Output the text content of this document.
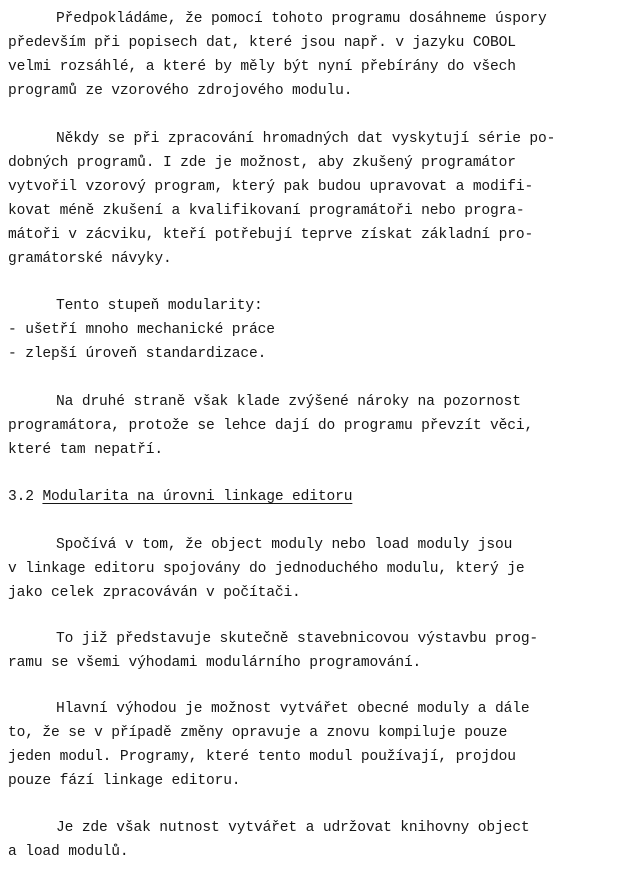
Předpokládáme, že pomocí tohoto programu dosáhneme úspory
především při popisech dat, které jsou např. v jazyku COBOL
velmi rozsáhlé, a které by měly být nyní přebírány do všech
programů ze vzorového zdrojového modulu.
Někdy se při zpracování hromadných dat vyskytují série po-
dobných programů. I zde je možnost, aby zkušený programátor
vytvořil vzorový program, který pak budou upravovat a modifi-
kovat méně zkušení a kvalifikovaní programátoři nebo progra-
mátoři v zácviku, kteří potřebují teprve získat základní pro-
gramátorské návyky.
Tento stupeň modularity:
- ušetří mnoho mechanické práce
- zlepší úroveň standardizace.
Na druhé straně však klade zvýšené nároky na pozornost
programátora, protože se lehce dají do programu převzít věci,
které tam nepatří.
3.2 Modularita na úrovni linkage editoru
Spočívá v tom, že object moduly nebo load moduly jsou
v linkage editoru spojovány do jednoduchého modulu, který je
jako celek zpracováván v počítači.
To již představuje skutečně stavebnicovou výstavbu prog-
ramu se všemi výhodami modulárního programování.
Hlavní výhodou je možnost vytvářet obecné moduly a dále
to, že se v případě změny opravuje a znovu kompiluje pouze
jeden modul. Programy, které tento modul používají, projdou
pouze fází linkage editoru.
Je zde však nutnost vytvářet a udržovat knihovny object
a load modulů.
